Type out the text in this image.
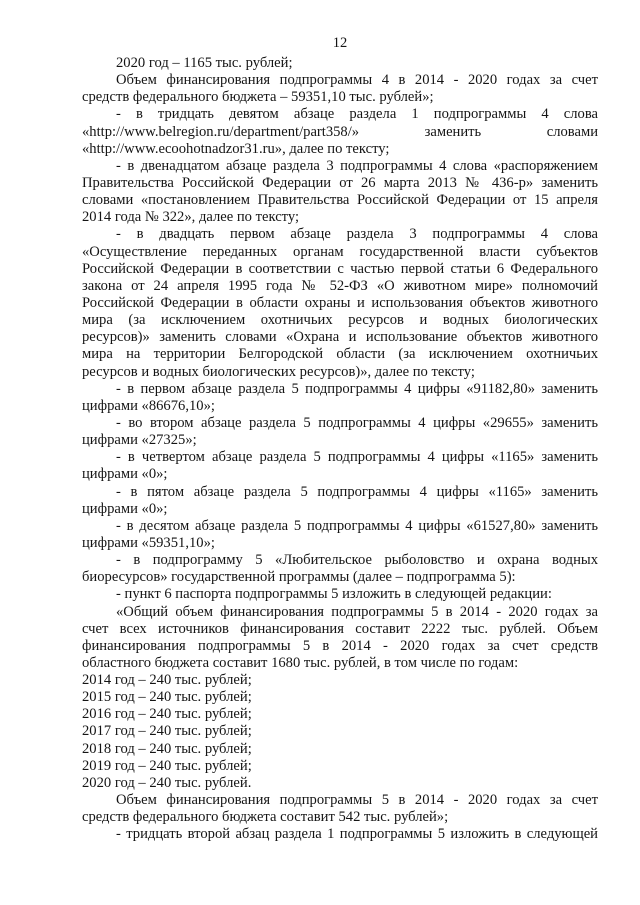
12
2020 год – 1165 тыс. рублей;
Объем финансирования подпрограммы 4 в 2014 - 2020 годах за счет
средств федерального бюджета – 59351,10 тыс. рублей»;
- в тридцать девятом абзаце раздела 1 подпрограммы 4 слова
«http://www.belregion.ru/department/part358/» заменить словами
«http://www.ecoohotnadzor31.ru», далее по тексту;
- в двенадцатом абзаце раздела 3 подпрограммы 4 слова «распоряжением
Правительства Российской Федерации от 26 марта 2013 № 436-р» заменить
словами «постановлением Правительства Российской Федерации от 15 апреля
2014 года № 322», далее по тексту;
- в двадцать первом абзаце раздела 3 подпрограммы 4 слова
«Осуществление переданных органам государственной власти субъектов
Российской Федерации в соответствии с частью первой статьи 6 Федерального
закона от 24 апреля 1995 года № 52-ФЗ «О животном мире» полномочий
Российской Федерации в области охраны и использования объектов животного
мира (за исключением охотничьих ресурсов и водных биологических
ресурсов)» заменить словами «Охрана и использование объектов животного
мира на территории Белгородской области (за исключением охотничьих
ресурсов и водных биологических ресурсов)», далее по тексту;
- в первом абзаце раздела 5 подпрограммы 4 цифры «91182,80» заменить
цифрами «86676,10»;
- во втором абзаце раздела 5 подпрограммы 4 цифры «29655» заменить
цифрами «27325»;
- в четвертом абзаце раздела 5 подпрограммы 4 цифры «1165» заменить
цифрами «0»;
- в пятом абзаце раздела 5 подпрограммы 4 цифры «1165» заменить
цифрами «0»;
- в десятом абзаце раздела 5 подпрограммы 4 цифры «61527,80» заменить
цифрами «59351,10»;
- в подпрограмму 5 «Любительское рыболовство и охрана водных
биоресурсов» государственной программы (далее – подпрограмма 5):
- пункт 6 паспорта подпрограммы 5 изложить в следующей редакции:
«Общий объем финансирования подпрограммы 5 в 2014 - 2020 годах за
счет всех источников финансирования составит 2222 тыс. рублей. Объем
финансирования подпрограммы 5 в 2014 - 2020 годах за счет средств
областного бюджета составит 1680 тыс. рублей, в том числе по годам:
2014 год – 240 тыс. рублей;
2015 год – 240 тыс. рублей;
2016 год – 240 тыс. рублей;
2017 год – 240 тыс. рублей;
2018 год – 240 тыс. рублей;
2019 год – 240 тыс. рублей;
2020 год – 240 тыс. рублей.
Объем финансирования подпрограммы 5 в 2014 - 2020 годах за счет
средств федерального бюджета составит 542 тыс. рублей»;
- тридцать второй абзац раздела 1 подпрограммы 5 изложить в следующей
